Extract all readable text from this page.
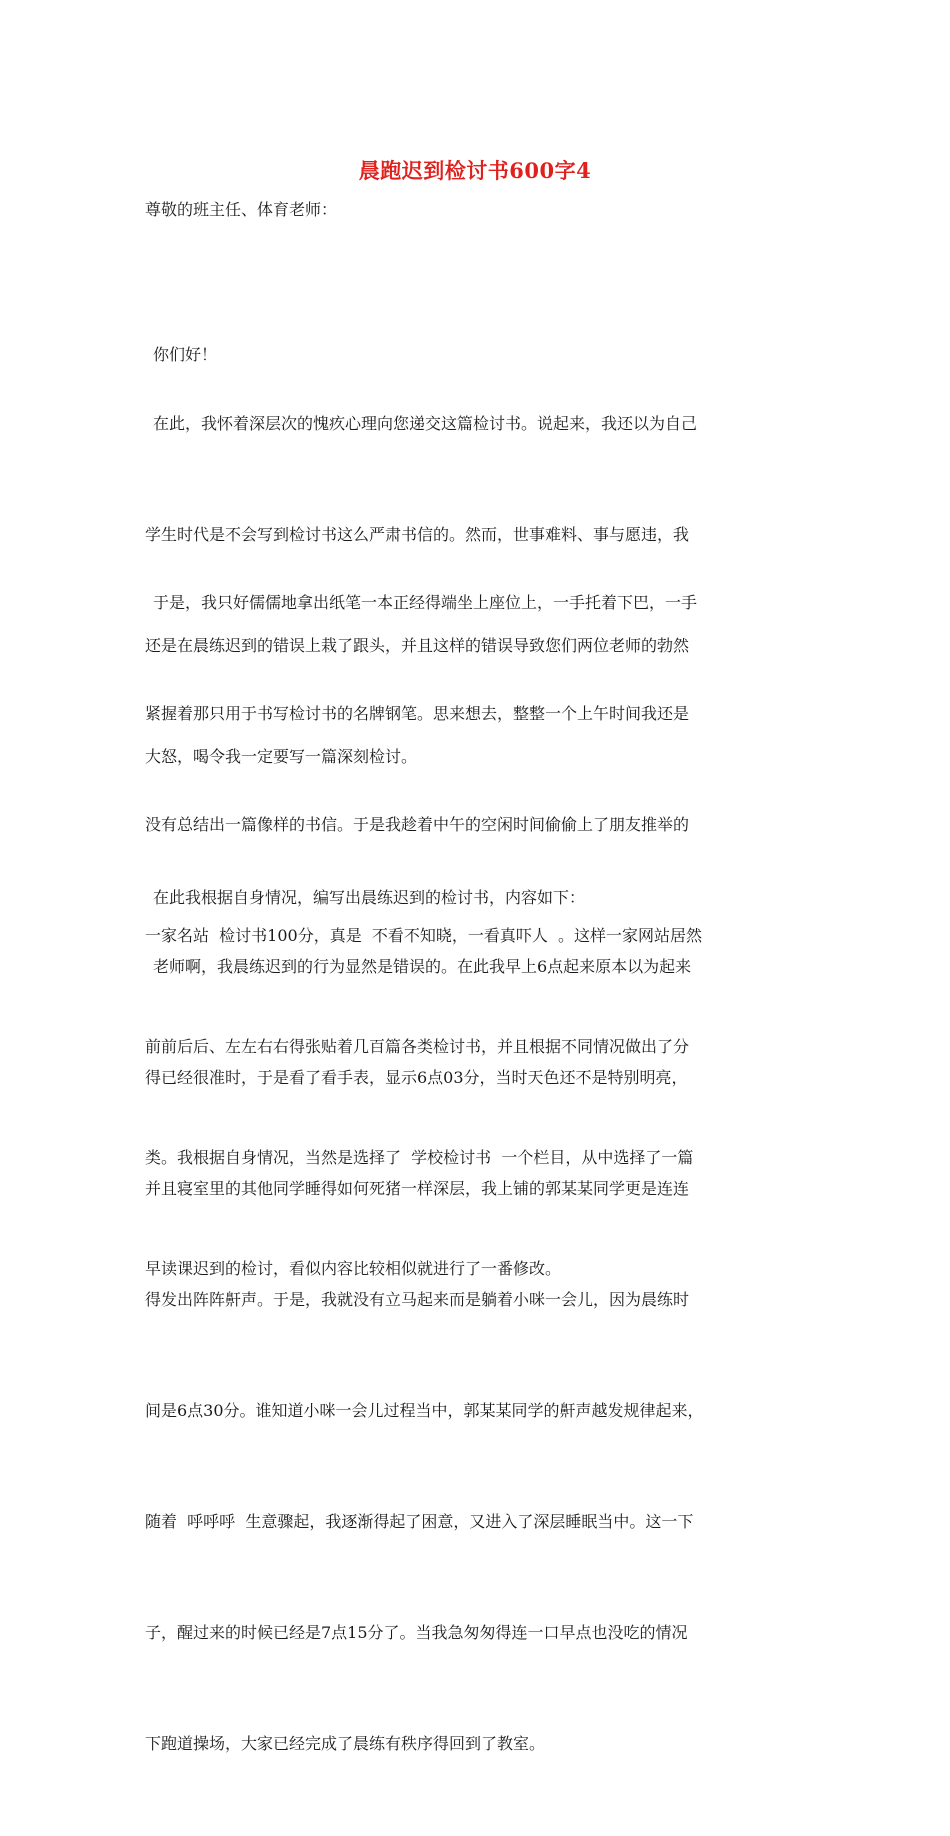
晨跑迟到检讨书600字4
尊敬的班主任、体育老师：

你们好！

在此，我怀着深层次的愧疚心理向您递交这篇检讨书。说起来，我还以为自己

学生时代是不会写到检讨书这么严肃书信的。然而，世事难料、事与愿违，我

还是在晨练迟到的错误上栽了跟头，并且这样的错误导致您们两位老师的勃然

大怒，喝令我一定要写一篇深刻检讨。

于是，我只好儒儒地拿出纸笔一本正经得端坐上座位上，一手托着下巴，一手

紧握着那只用于书写检讨书的名牌钢笔。思来想去，整整一个上午时间我还是

没有总结出一篇像样的书信。于是我趁着中午的空闲时间偷偷上了朋友推举的

一家名站  检讨书100分，真是  不看不知晓，一看真吓人  。这样一家网站居然

前前后后、左左右右得张贴着几百篇各类检讨书，并且根据不同情况做出了分

类。我根据自身情况，当然是选择了  学校检讨书  一个栏目，从中选择了一篇

早读课迟到的检讨，看似内容比较相似就进行了一番修改。

在此我根据自身情况，编写出晨练迟到的检讨书，内容如下：

老师啊，我晨练迟到的行为显然是错误的。在此我早上6点起来原本以为起来

得已经很准时，于是看了看手表，显示6点03分，当时天色还不是特别明亮，

并且寝室里的其他同学睡得如何死猪一样深层，我上铺的郭某某同学更是连连

得发出阵阵鼾声。于是，我就没有立马起来而是躺着小咪一会儿，因为晨练时

间是6点30分。谁知道小咪一会儿过程当中，郭某某同学的鼾声越发规律起来，

随着  呼呼呼  生意骤起，我逐渐得起了困意，又进入了深层睡眠当中。这一下

子，醒过来的时候已经是7点15分了。当我急匆匆得连一口早点也没吃的情况

下跑道操场，大家已经完成了晨练有秩序得回到了教室。
